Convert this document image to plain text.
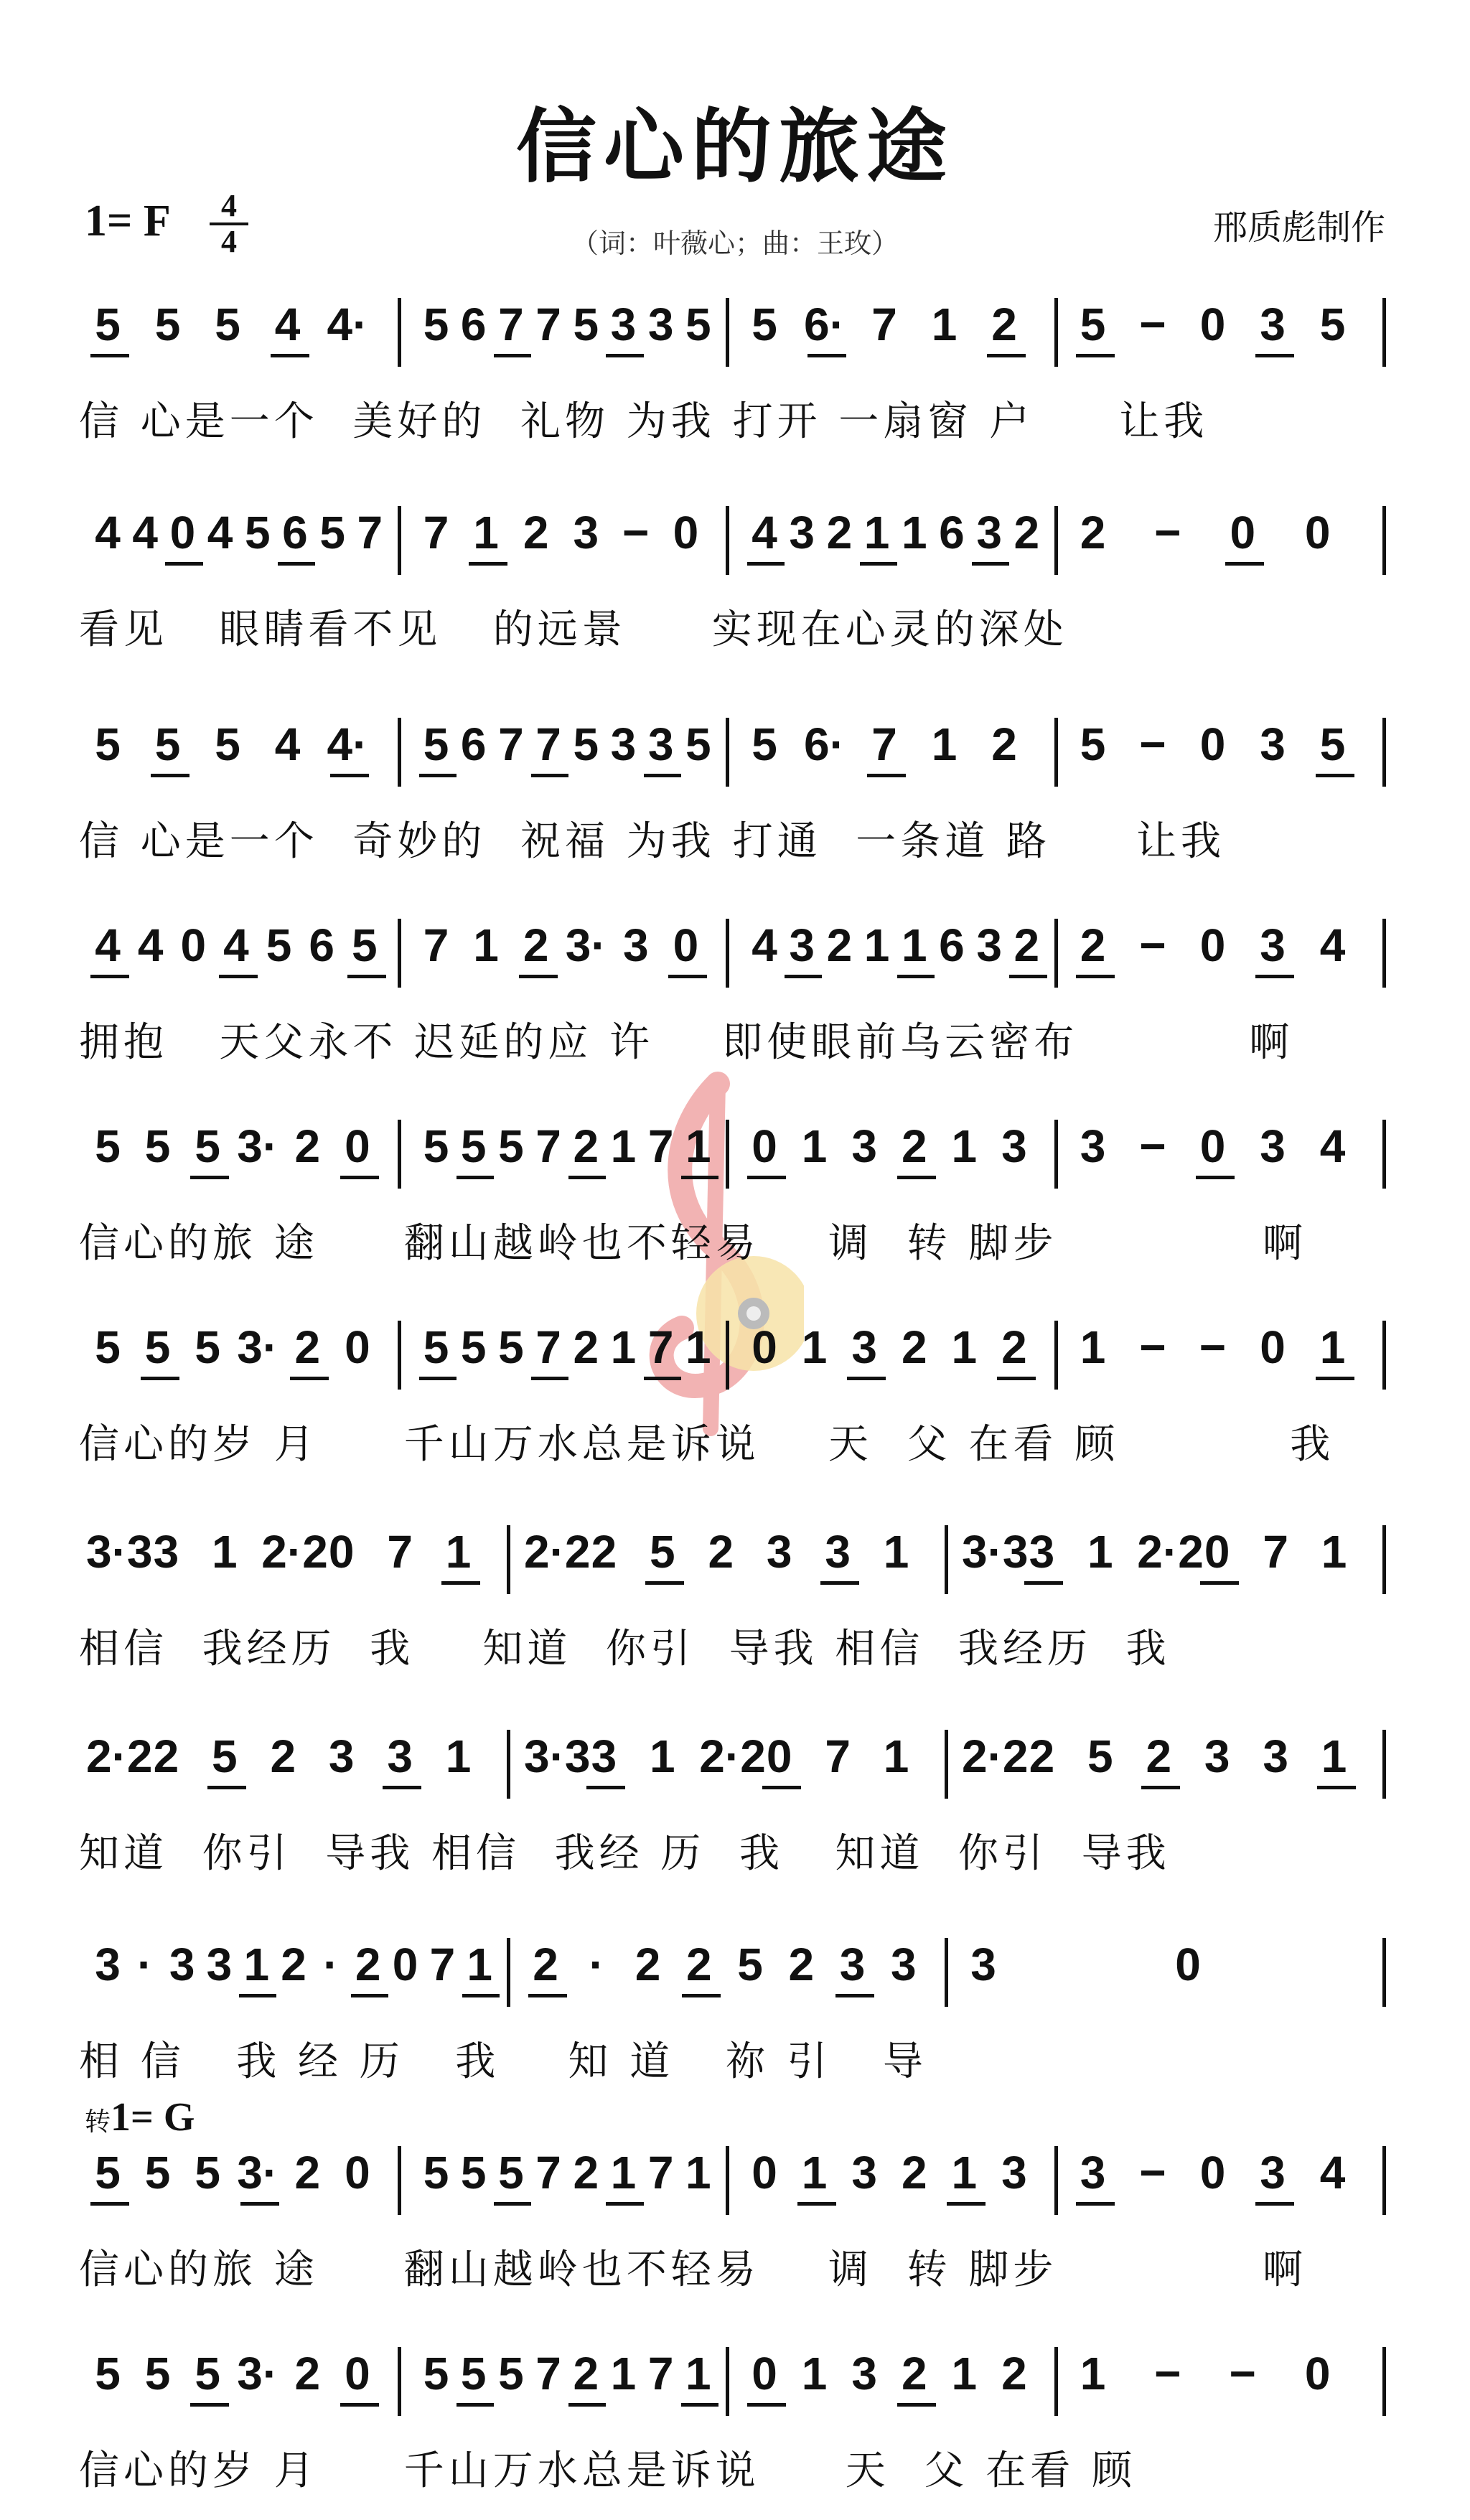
信心的旅途
1= F	4
4	（词：叶薇心；曲：王玫）	邢质彪制作
转1= G
5 5 5 4 4· 5 6 7 7 5 3 3 5 5 6· 7 1 2 5 − 0 3 5
信 心是一个  美好的  礼物 为我 打开 一扇窗 户     让我
4 4 0 4 5 6 5 7 7 1 2 3 − 0 4 3 2 1 1 6 3 2 2 − 0 0
看见   眼睛看不见   的远景     实现在心灵的深处
5 5 5 4 4· 5 6 7 7 5 3 3 5 5 6· 7 1 2 5 − 0 3 5
信 心是一个  奇妙的  祝福 为我 打通  一条道 路     让我
4 4 0 4 5 6 5 7 1 2 3· 3 0 4 3 2 1 1 6 3 2 2 − 0 3 4
拥抱   天父永不 迟延的应 许    即使眼前乌云密布          啊
5 5 5 3· 2 0 5 5 5 7 2 1 7 1 0 1 3 2 1 3 3 − 0 3 4
信心的旅 途     翻山越岭也不轻易    调  转 脚步            啊
5 5 5 3· 2 0 5 5 5 7 2 1 7 1 0 1 3 2 1 2 1 − − 0 1
信心的岁 月     千山万水总是诉说    天  父 在看 顾          我
3·3 3 1 2·2 0 7 1 2·2 2 5 2 3 3 1 3·3 3 1 2·2 0 7 1
相信  我经历  我    知道  你引  导我 相信  我经历  我
2·2 2 5 2 3 3 1 3·3 3 1 2·2 0 7 1 2·2 2 5 2 3 3 1
知道  你引  导我 相信  我经 历  我   知道  你引  导我
3 · 3 3 1 2 · 2 0 7 1 2 · 2 2 5 2 3 3 3	0
相 信   我 经 历   我    知 道   祢 引   导
5 5 5 3· 2 0 5 5 5 7 2 1 7 1 0 1 3 2 1 3 3 − 0 3 4
信心的旅 途     翻山越岭也不轻易    调  转 脚步            啊
5 5 5 3· 2 0 5 5 5 7 2 1 7 1 0 1 3 2 1 2 1 − − 0
信心的岁 月     千山万水总是诉说     天  父 在看 顾
